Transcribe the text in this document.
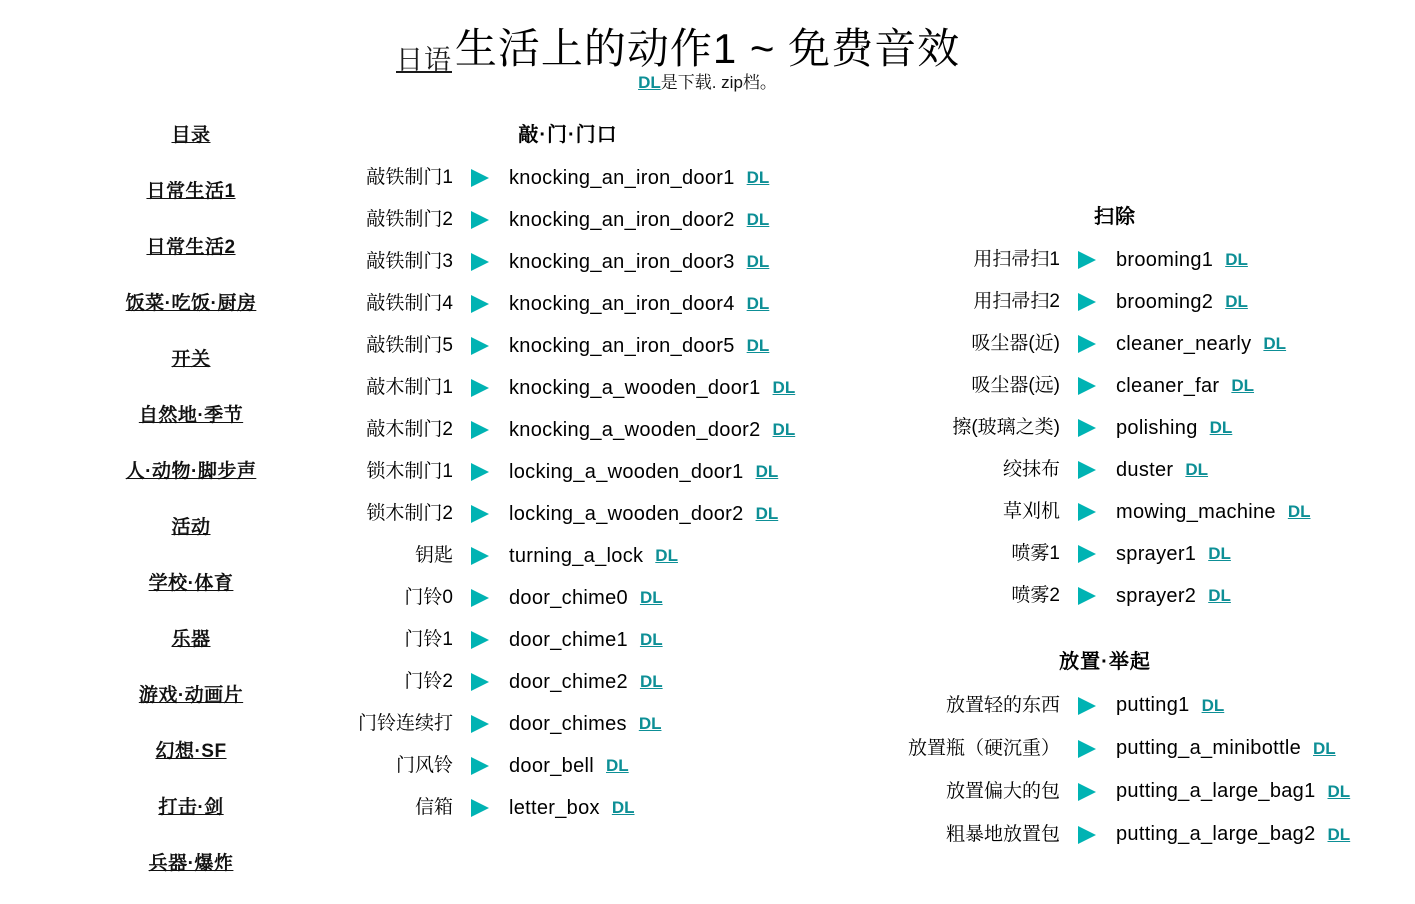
日语 生活上的动作1 ~ 免费音效
DL是下载. zip档。
目录
日常生活1
日常生活2
饭菜·吃饭·厨房
开关
自然地·季节
人·动物·脚步声
活动
学校·体育
乐器
游戏·动画片
幻想·SF
打击·剑
兵器·爆炸
敲·门·门口
敲铁制门1	knocking_an_iron_door1 DL
敲铁制门2	knocking_an_iron_door2 DL
敲铁制门3	knocking_an_iron_door3 DL
敲铁制门4	knocking_an_iron_door4 DL
敲铁制门5	knocking_an_iron_door5 DL
敲木制门1	knocking_a_wooden_door1 DL
敲木制门2	knocking_a_wooden_door2 DL
锁木制门1	locking_a_wooden_door1 DL
锁木制门2	locking_a_wooden_door2 DL
钥匙	turning_a_lock DL
门铃0	door_chime0 DL
门铃1	door_chime1 DL
门铃2	door_chime2 DL
门铃连续打	door_chimes DL
门风铃	door_bell DL
信箱	letter_box DL
扫除
用扫帚扫1	brooming1 DL
用扫帚扫2	brooming2 DL
吸尘器(近)	cleaner_nearly DL
吸尘器(远)	cleaner_far DL
擦(玻璃之类)	polishing DL
绞抹布	duster DL
草刈机	mowing_machine DL
喷雾1	sprayer1 DL
喷雾2	sprayer2 DL
放置·举起
放置轻的东西	putting1 DL
放置瓶（硬沉重）	putting_a_minibottle DL
放置偏大的包	putting_a_large_bag1 DL
粗暴地放置包	putting_a_large_bag2 DL
